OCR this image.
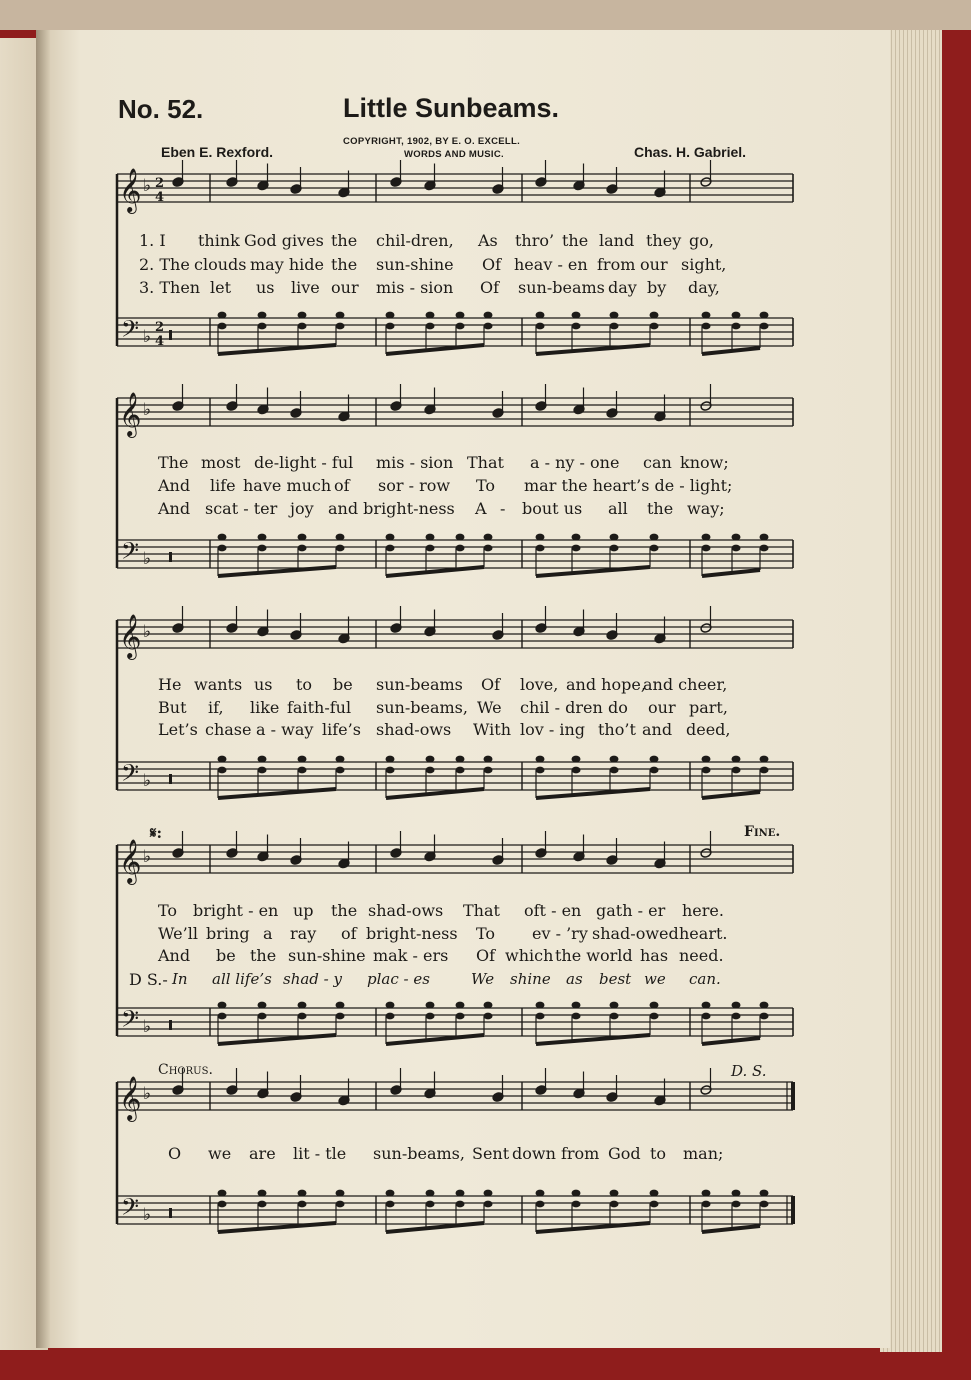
No. 52.	Little Sunbeams.
COPYRIGHT, 1902, BY E. O. EXCELL.
WORDS AND MUSIC.
Eben E. Rexford.	Chas. H. Gabriel.
𝄞
𝄢
♭
♭
2
4
2
4
𝄞
𝄢
♭
♭
𝄞
𝄢
♭
♭
𝄞
𝄢
♭
♭
𝄞
𝄢
♭
♭
1. I think God gives the chil-dren, As thro’ the land they go,
2. The clouds may hide the sun-shine Of heav - en from our sight,
3. Then let us live our mis - sion Of sun-beams day by day,
The most de-light - ful mis - sion That a - ny - one can know;
And life have much of sor - row To mar the heart’s de - light;
And scat - ter joy and bright-ness A - bout us all the way;
He wants us to be sun-beams Of love, and hope,
and cheer,
But if, like faith-ful sun-beams, We chil - dren do our part,
Let’s chase a - way life’s shad-ows With lov - ing tho’t and deed,
To bright - en up the shad-ows That oft - en gath - er here.
We’ll bring a ray of bright-ness To ev - ’ry shad-owed heart.
And be the sun-shine mak - ers Of which the world has need.
D S.- In all life’s shad - y plac - es	We shine as best we can.
O we are lit - tle sun-beams, Sent down from God to man;
𝄋:	Fine.
Chorus.	D. S.
